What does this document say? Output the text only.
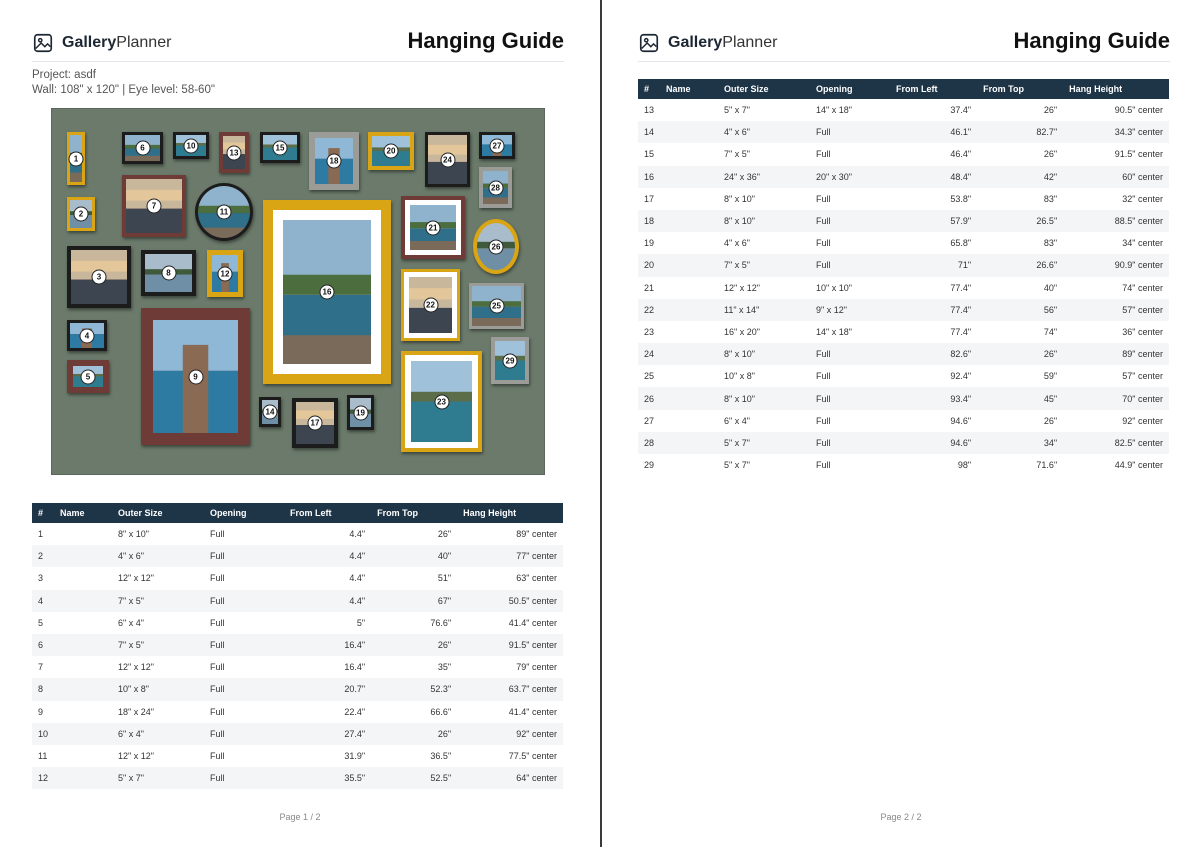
GalleryPlanner	Hanging Guide
Project: asdf
Wall: 108" x 120" | Eye level: 58-60"
1
2
3
4
5
6
7
8
9
10
11
12
13
14
15
16
17
18
19
20
21
22
23
24
25
26
27
28
29
#	Name	Outer Size	Opening	From Left	From Top	Hang Height
1		8" x 10"	Full	4.4"	26"	89" center
2		4" x 6"	Full	4.4"	40"	77" center
3		12" x 12"	Full	4.4"	51"	63" center
4		7" x 5"	Full	4.4"	67"	50.5" center
5		6" x 4"	Full	5"	76.6"	41.4" center
6		7" x 5"	Full	16.4"	26"	91.5" center
7		12" x 12"	Full	16.4"	35"	79" center
8		10" x 8"	Full	20.7"	52.3"	63.7" center
9		18" x 24"	Full	22.4"	66.6"	41.4" center
10		6" x 4"	Full	27.4"	26"	92" center
11		12" x 12"	Full	31.9"	36.5"	77.5" center
12		5" x 7"	Full	35.5"	52.5"	64" center
Page 1 / 2
GalleryPlanner	Hanging Guide
#	Name	Outer Size	Opening	From Left	From Top	Hang Height
13		5" x 7"	14" x 18"	37.4"	26"	90.5" center
14		4" x 6"	Full	46.1"	82.7"	34.3" center
15		7" x 5"	Full	46.4"	26"	91.5" center
16		24" x 36"	20" x 30"	48.4"	42"	60" center
17		8" x 10"	Full	53.8"	83"	32" center
18		8" x 10"	Full	57.9"	26.5"	88.5" center
19		4" x 6"	Full	65.8"	83"	34" center
20		7" x 5"	Full	71"	26.6"	90.9" center
21		12" x 12"	10" x 10"	77.4"	40"	74" center
22		11" x 14"	9" x 12"	77.4"	56"	57" center
23		16" x 20"	14" x 18"	77.4"	74"	36" center
24		8" x 10"	Full	82.6"	26"	89" center
25		10" x 8"	Full	92.4"	59"	57" center
26		8" x 10"	Full	93.4"	45"	70" center
27		6" x 4"	Full	94.6"	26"	92" center
28		5" x 7"	Full	94.6"	34"	82.5" center
29		5" x 7"	Full	98"	71.6"	44.9" center
Page 2 / 2
